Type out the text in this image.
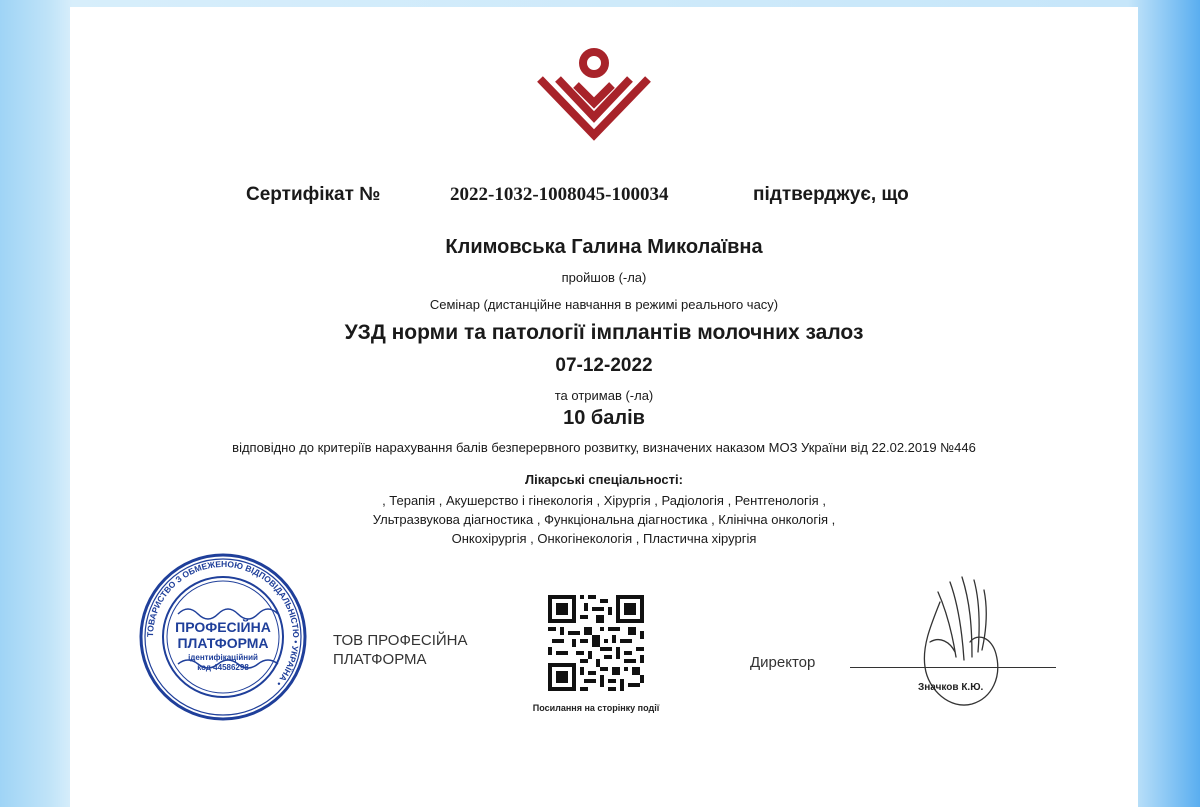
Сертифікат №	2022-1032-1008045-100034	підтверджує, що
Климовська Галина Миколаївна
пройшов (-ла)
Семінар (дистанційне навчання в режимі реального часу)
УЗД норми та патології імплантів молочних залоз
07-12-2022
та отримав (-ла)
10 балів
відповідно до критеріїв нарахування балів безперервного розвитку, визначених наказом МОЗ України від 22.02.2019 №446
Лікарські спеціальності:
, Терапія , Акушерство і гінекологія , Хірургія , Радіологія , Рентгенологія ,
Ультразвукова діагностика , Функціональна діагностика , Клінічна онкологія ,
Онкохірургія , Онкогінекологія , Пластична хірургія
ТОВАРИСТВО З ОБМЕЖЕНОЮ ВІДПОВІДАЛЬНІСТЮ • УКРАЇНА •
ПРОФЕСІЙНА
ПЛАТФОРМА
ідентифікаційний
код 44586298
ТОВ ПРОФЕСІЙНА
ПЛАТФОРМА
Посилання на сторінку події
Директор
Значков К.Ю.
